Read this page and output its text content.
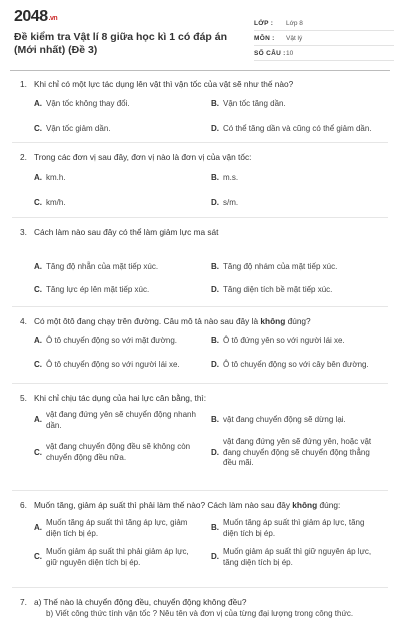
2048.vn
Đề kiểm tra Vật lí 8 giữa học kì 1 có đáp án (Mới nhất) (Đề 3)
LỚP :	Lớp 8
MÔN :	Vật lý
SỐ CÂU : 10
1. Khi chỉ có một lực tác dụng lên vật thì vận tốc của vật sẽ như thế nào?
A. Vận tốc không thay đổi.	B. Vận tốc tăng dần.
C. Vận tốc giảm dần.	D. Có thể tăng dần và cũng có thể giảm dần.
2. Trong các đơn vị sau đây, đơn vị nào là đơn vị của vận tốc:
A. km.h.	B. m.s.
C. km/h.	D. s/m.
3. Cách làm nào sau đây có thể làm giảm lực ma sát
A. Tăng độ nhẵn của mặt tiếp xúc.	B. Tăng độ nhám của mặt tiếp xúc.
C. Tăng lực ép lên mặt tiếp xúc.	D. Tăng diện tích bề mặt tiếp xúc.
4. Có một ôtô đang chạy trên đường. Câu mô tả nào sau đây là không đúng?
A. Ô tô chuyển động so với mặt đường.	B. Ô tô đứng yên so với người lái xe.
C. Ô tô chuyển động so với người lái xe.	D. Ô tô chuyển động so với cây bên đường.
5. Khi chỉ chịu tác dụng của hai lực cân bằng, thì:
A.
vật đang đứng yên sẽ chuyển động nhanh dần.
B. vật đang chuyển động sẽ dừng lại.
C.
vật đang chuyển động đều sẽ không còn chuyển động đều nữa.
D.
vật đang đứng yên sẽ đứng yên, hoặc vật đang chuyển động sẽ chuyển động thẳng đều mãi.
6. Muốn tăng, giảm áp suất thì phải làm thế nào? Cách làm nào sau đây không đúng:
A.
Muốn tăng áp suất thì tăng áp lực, giảm diện tích bị ép.
B.
Muốn tăng áp suất thì giảm áp lực, tăng diện tích bị ép.
C.
Muốn giảm áp suất thì phải giảm áp lực, giữ nguyên diện tích bị ép.
D.
Muốn giảm áp suất thì giữ nguyên áp lực, tăng diện tích bị ép.
7. a) Thế nào là chuyển động đều, chuyển động không đều?
b) Viết công thức tính vận tốc ? Nêu tên và đơn vị của từng đại lượng trong công thức.
